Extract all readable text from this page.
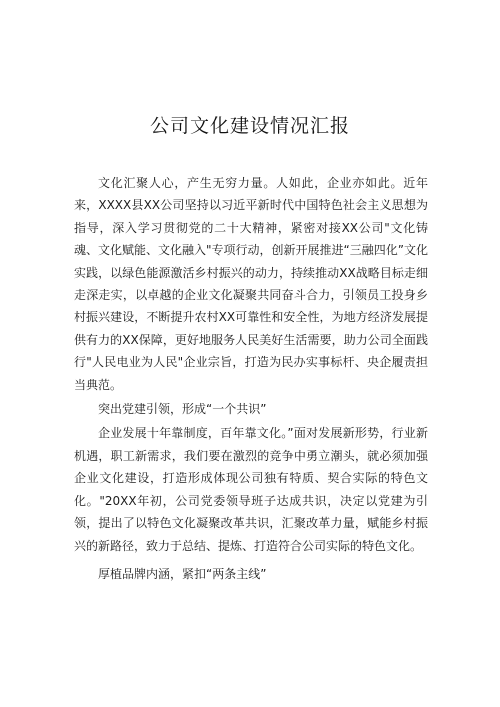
公司文化建设情况汇报

文化汇聚人心，产生无穷力量。人如此，企业亦如此。近年来，XXXX县XX公司坚持以习近平新时代中国特色社会主义思想为指导，深入学习贯彻党的二十大精神，紧密对接XX公司"文化铸魂、文化赋能、文化融入"专项行动，创新开展推进“三融四化”文化实践，以绿色能源激活乡村振兴的动力，持续推动XX战略目标走细走深走实，以卓越的企业文化凝聚共同奋斗合力，引领员工投身乡村振兴建设，不断提升农村XX可靠性和安全性，为地方经济发展提供有力的XX保障，更好地服务人民美好生活需要，助力公司全面践行"人民电业为人民"企业宗旨，打造为民办实事标杆、央企履责担当典范。

突出党建引领，形成“一个共识”

企业发展十年靠制度，百年靠文化。”面对发展新形势，行业新机遇，职工新需求，我们要在激烈的竞争中勇立潮头，就必须加强企业文化建设，打造形成体现公司独有特质、契合实际的特色文化。"20XX年初，公司党委领导班子达成共识，决定以党建为引领，提出了以特色文化凝聚改革共识，汇聚改革力量，赋能乡村振兴的新路径，致力于总结、提炼、打造符合公司实际的特色文化。

厚植品牌内涵，紧扣“两条主线”
